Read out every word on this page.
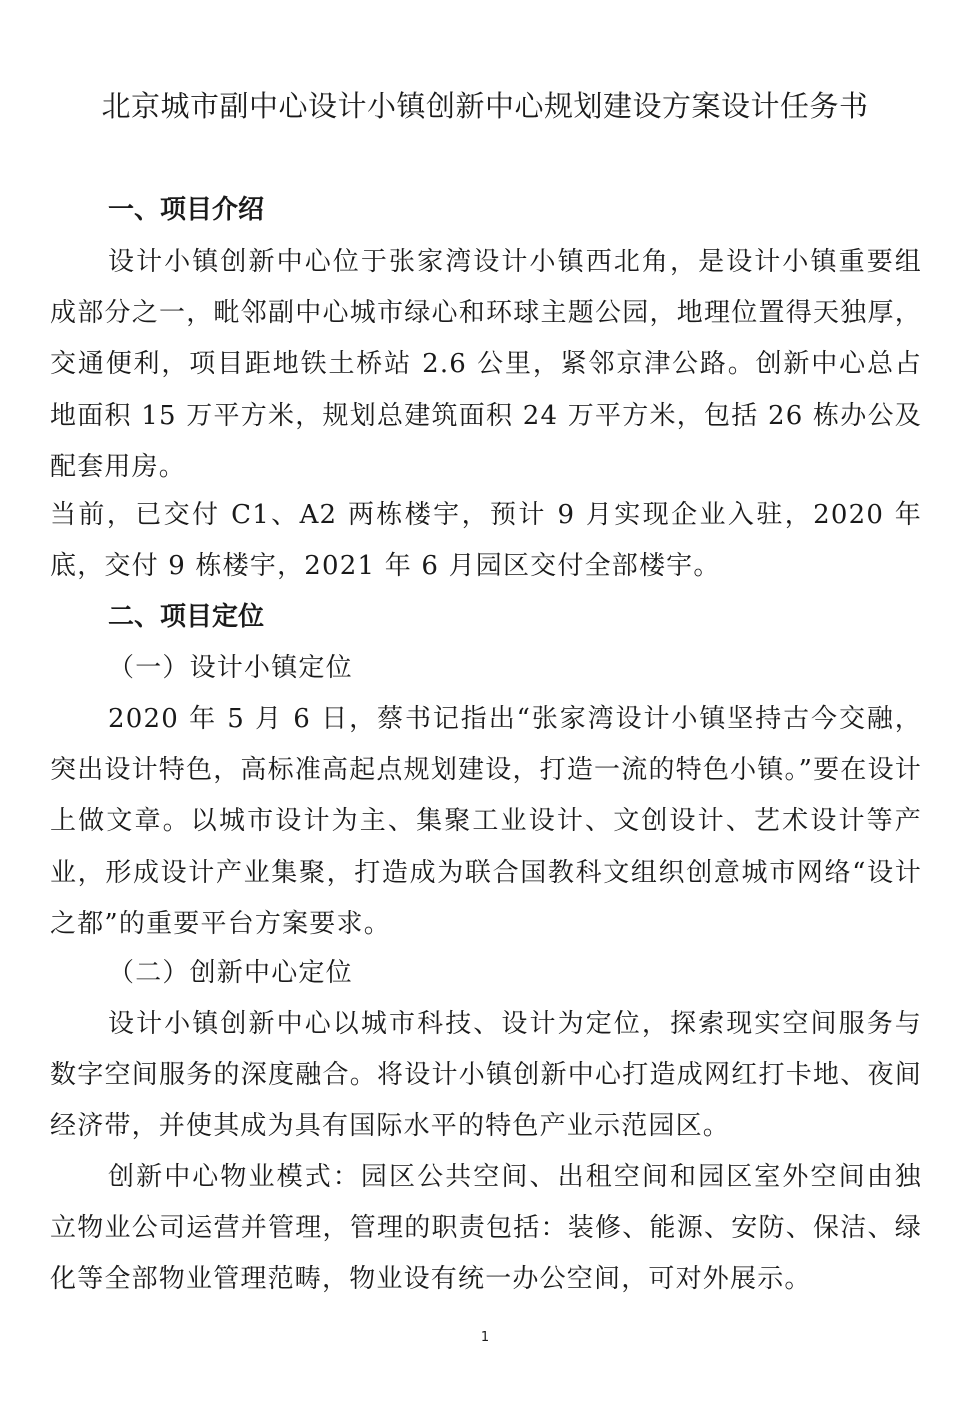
北京城市副中心设计小镇创新中心规划建设方案设计任务书
一、项目介绍

设计小镇创新中心位于张家湾设计小镇西北角，是设计小镇重要组成部分之一，毗邻副中心城市绿心和环球主题公园，地理位置得天独厚，交通便利，项目距地铁土桥站 2.6 公里，紧邻京津公路。创新中心总占地面积 15 万平方米，规划总建筑面积 24 万平方米，包括 26 栋办公及配套用房。

当前，已交付 C1、A2 两栋楼宇，预计 9 月实现企业入驻，2020 年底，交付 9 栋楼宇，2021 年 6 月园区交付全部楼宇。

二、项目定位
（一）设计小镇定位

2020 年 5 月 6 日，蔡书记指出“张家湾设计小镇坚持古今交融，突出设计特色，高标准高起点规划建设，打造一流的特色小镇。”要在设计上做文章。以城市设计为主、集聚工业设计、文创设计、艺术设计等产业，形成设计产业集聚，打造成为联合国教科文组织创意城市网络“设计之都”的重要平台方案要求。

（二）创新中心定位

设计小镇创新中心以城市科技、设计为定位，探索现实空间服务与数字空间服务的深度融合。将设计小镇创新中心打造成网红打卡地、夜间经济带，并使其成为具有国际水平的特色产业示范园区。

创新中心物业模式：园区公共空间、出租空间和园区室外空间由独立物业公司运营并管理，管理的职责包括：装修、能源、安防、保洁、绿化等全部物业管理范畴，物业设有统一办公空间，可对外展示。

1
